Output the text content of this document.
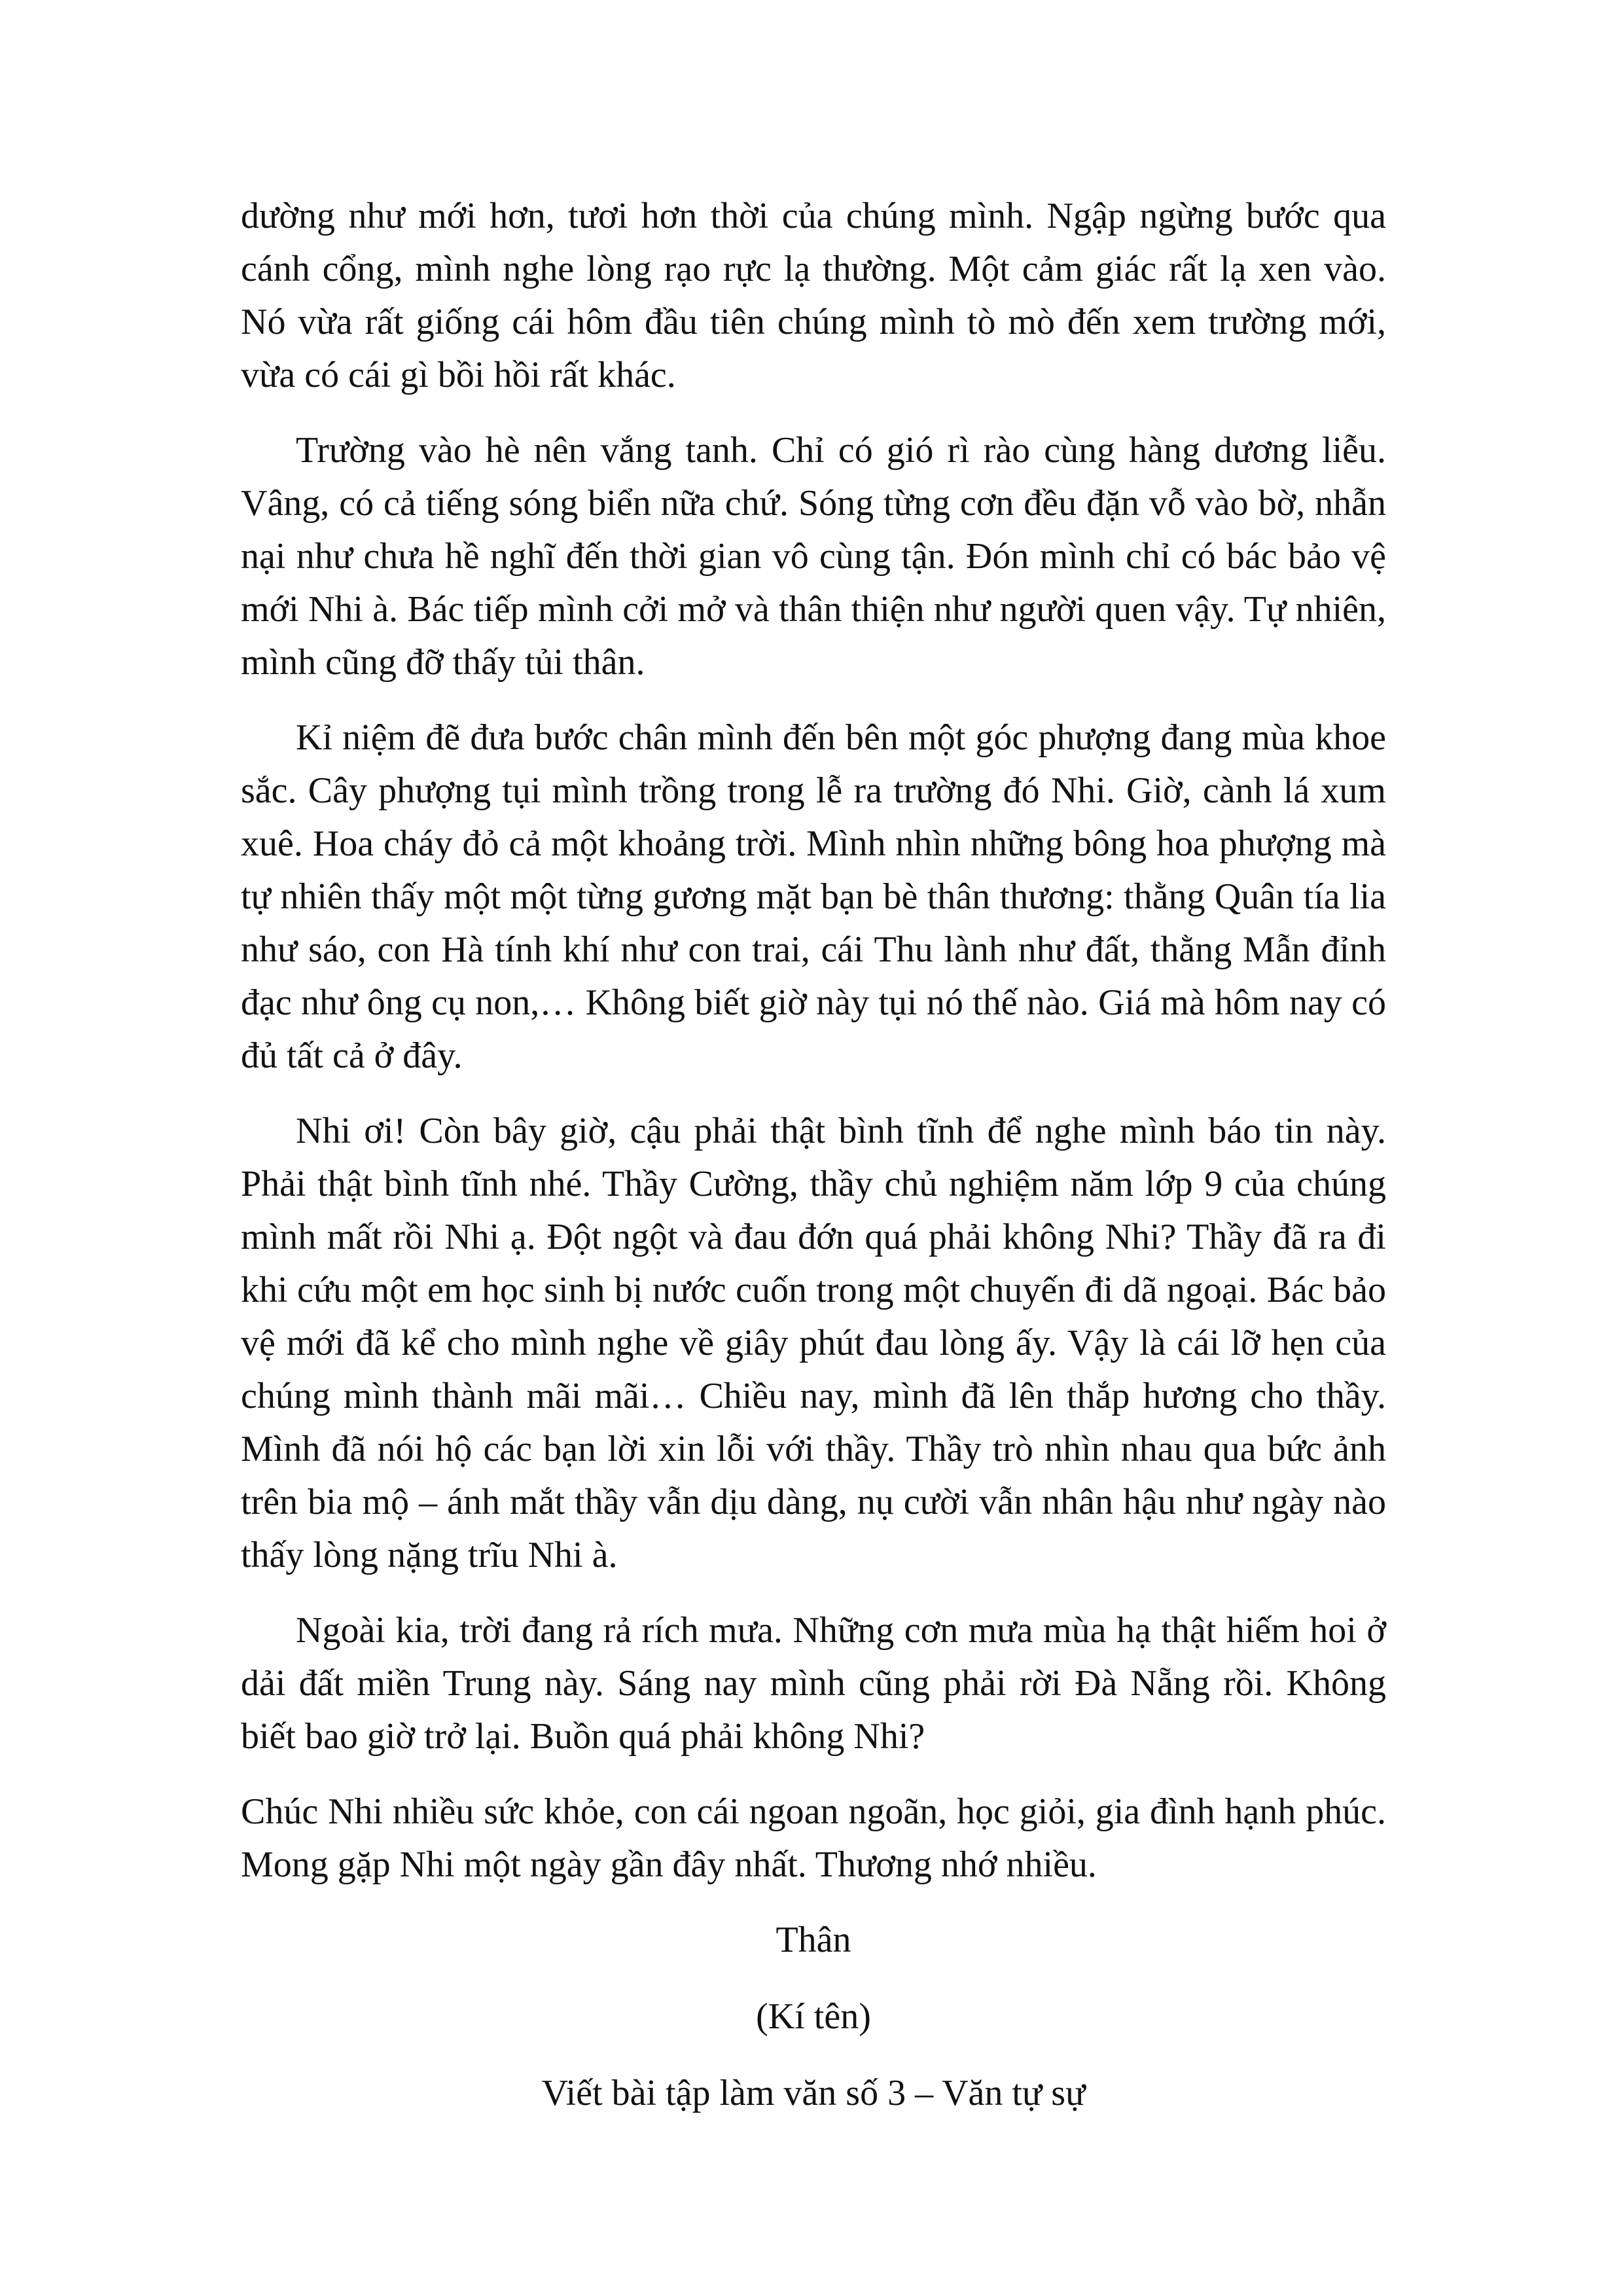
dường như mới hơn, tươi hơn thời của chúng mình. Ngập ngừng bước qua cánh cổng, mình nghe lòng rạo rực lạ thường. Một cảm giác rất lạ xen vào. Nó vừa rất giống cái hôm đầu tiên chúng mình tò mò đến xem trường mới, vừa có cái gì bồi hồi rất khác.

Trường vào hè nên vắng tanh. Chỉ có gió rì rào cùng hàng dương liễu. Vâng, có cả tiếng sóng biển nữa chứ. Sóng từng cơn đều đặn vỗ vào bờ, nhẫn nại như chưa hề nghĩ đến thời gian vô cùng tận. Đón mình chỉ có bác bảo vệ mới Nhi à. Bác tiếp mình cởi mở và thân thiện như người quen vậy. Tự nhiên, mình cũng đỡ thấy tủi thân.

Kỉ niệm đẽ đưa bước chân mình đến bên một góc phượng đang mùa khoe sắc. Cây phượng tụi mình trồng trong lễ ra trường đó Nhi. Giờ, cành lá xum xuê. Hoa cháy đỏ cả một khoảng trời. Mình nhìn những bông hoa phượng mà tự nhiên thấy một một từng gương mặt bạn bè thân thương: thằng Quân tía lia như sáo, con Hà tính khí như con trai, cái Thu lành như đất, thằng Mẫn đỉnh đạc như ông cụ non,… Không biết giờ này tụi nó thế nào. Giá mà hôm nay có đủ tất cả ở đây.

Nhi ơi! Còn bây giờ, cậu phải thật bình tĩnh để nghe mình báo tin này. Phải thật bình tĩnh nhé. Thầy Cường, thầy chủ nghiệm năm lớp 9 của chúng mình mất rồi Nhi ạ. Đột ngột và đau đớn quá phải không Nhi? Thầy đã ra đi khi cứu một em học sinh bị nước cuốn trong một chuyến đi dã ngoại. Bác bảo vệ mới đã kể cho mình nghe về giây phút đau lòng ấy. Vậy là cái lỡ hẹn của chúng mình thành mãi mãi… Chiều nay, mình đã lên thắp hương cho thầy. Mình đã nói hộ các bạn lời xin lỗi với thầy. Thầy trò nhìn nhau qua bức ảnh trên bia mộ – ánh mắt thầy vẫn dịu dàng, nụ cười vẫn nhân hậu như ngày nào thấy lòng nặng trĩu Nhi à.

Ngoài kia, trời đang rả rích mưa. Những cơn mưa mùa hạ thật hiếm hoi ở dải đất miền Trung này. Sáng nay mình cũng phải rời Đà Nẵng rồi. Không biết bao giờ trở lại. Buồn quá phải không Nhi?

Chúc Nhi nhiều sức khỏe, con cái ngoan ngoãn, học giỏi, gia đình hạnh phúc. Mong gặp Nhi một ngày gần đây nhất. Thương nhớ nhiều.

Thân

(Kí tên)

Viết bài tập làm văn số 3 – Văn tự sự
